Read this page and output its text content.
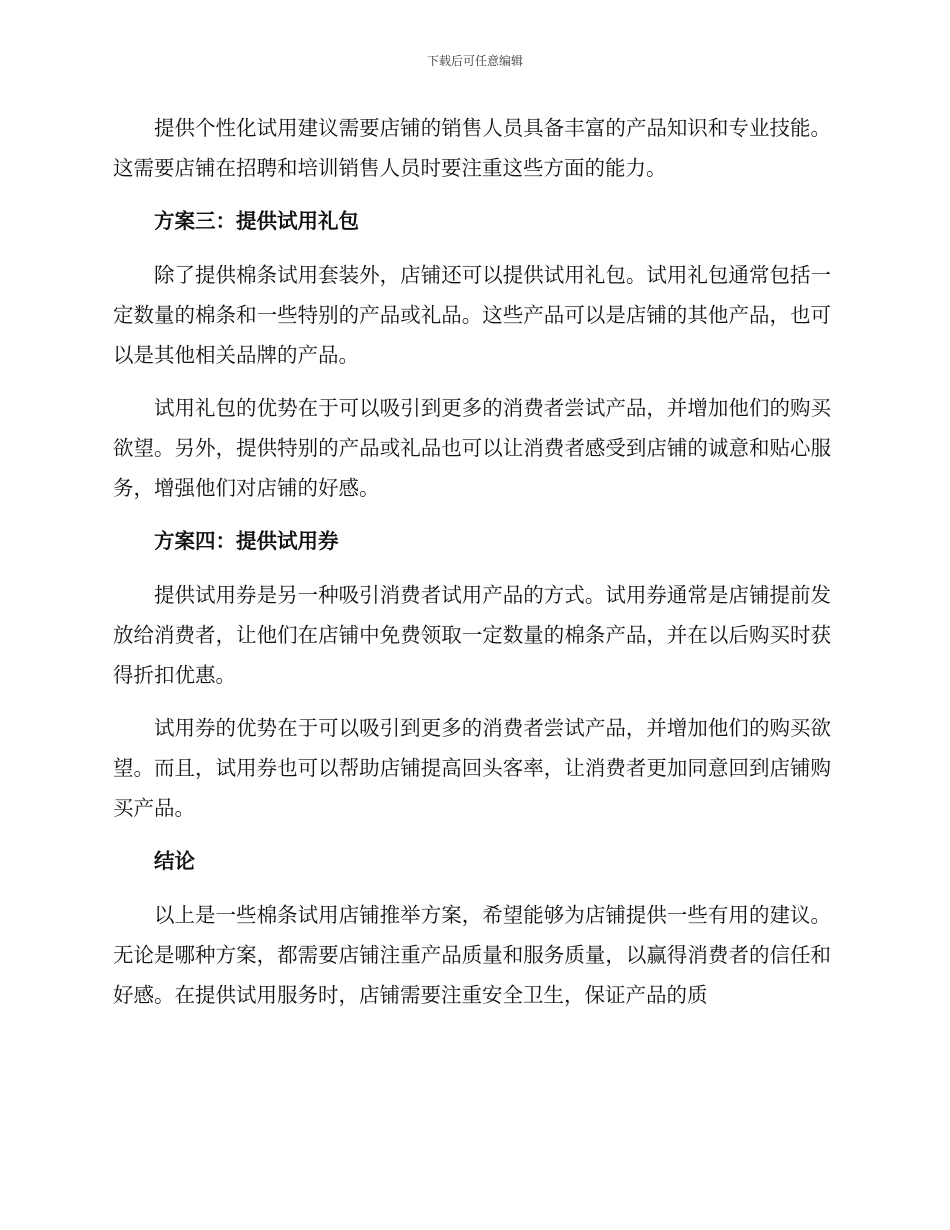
下载后可任意编辑

提供个性化试用建议需要店铺的销售人员具备丰富的产品知识和专业技能。这需要店铺在招聘和培训销售人员时要注重这些方面的能力。

方案三：提供试用礼包

除了提供棉条试用套装外，店铺还可以提供试用礼包。试用礼包通常包括一定数量的棉条和一些特别的产品或礼品。这些产品可以是店铺的其他产品，也可以是其他相关品牌的产品。

试用礼包的优势在于可以吸引到更多的消费者尝试产品，并增加他们的购买欲望。另外，提供特别的产品或礼品也可以让消费者感受到店铺的诚意和贴心服务，增强他们对店铺的好感。

方案四：提供试用券

提供试用券是另一种吸引消费者试用产品的方式。试用券通常是店铺提前发放给消费者，让他们在店铺中免费领取一定数量的棉条产品，并在以后购买时获得折扣优惠。

试用券的优势在于可以吸引到更多的消费者尝试产品，并增加他们的购买欲望。而且，试用券也可以帮助店铺提高回头客率，让消费者更加同意回到店铺购买产品。

结论

以上是一些棉条试用店铺推举方案，希望能够为店铺提供一些有用的建议。无论是哪种方案，都需要店铺注重产品质量和服务质量，以赢得消费者的信任和好感。在提供试用服务时，店铺需要注重安全卫生，保证产品的质
